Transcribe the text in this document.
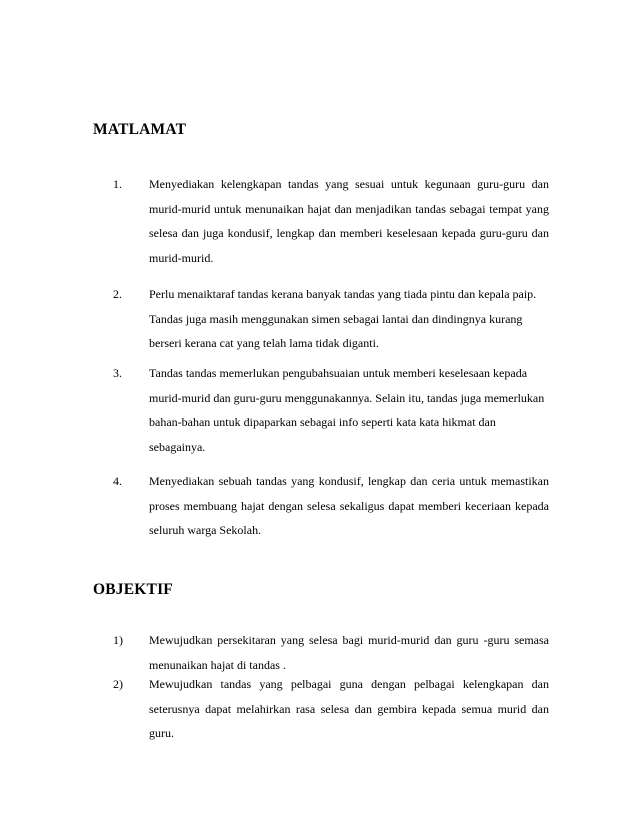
MATLAMAT
1. Menyediakan kelengkapan tandas yang sesuai untuk kegunaan guru-guru dan murid-murid untuk menunaikan hajat dan menjadikan tandas sebagai tempat yang selesa dan juga kondusif, lengkap dan memberi keselesaan kepada guru-guru dan murid-murid.

2. Perlu menaiktaraf tandas kerana banyak tandas yang tiada pintu dan kepala paip. Tandas juga masih menggunakan simen sebagai lantai dan dindingnya kurang berseri kerana cat yang telah lama tidak diganti.

3. Tandas tandas memerlukan pengubahsuaian untuk memberi keselesaan kepada murid-murid dan guru-guru menggunakannya. Selain itu, tandas juga memerlukan bahan-bahan untuk dipaparkan sebagai info seperti kata kata hikmat dan sebagainya.

4. Menyediakan sebuah tandas yang kondusif, lengkap dan ceria untuk memastikan proses membuang hajat dengan selesa sekaligus dapat memberi keceriaan kepada seluruh warga Sekolah.

OBJEKTIF
1) Mewujudkan persekitaran yang selesa bagi murid-murid dan guru -guru semasa menunaikan hajat di tandas .

2) Mewujudkan tandas yang pelbagai guna dengan pelbagai kelengkapan dan seterusnya dapat melahirkan rasa selesa dan gembira kepada semua murid dan guru.
